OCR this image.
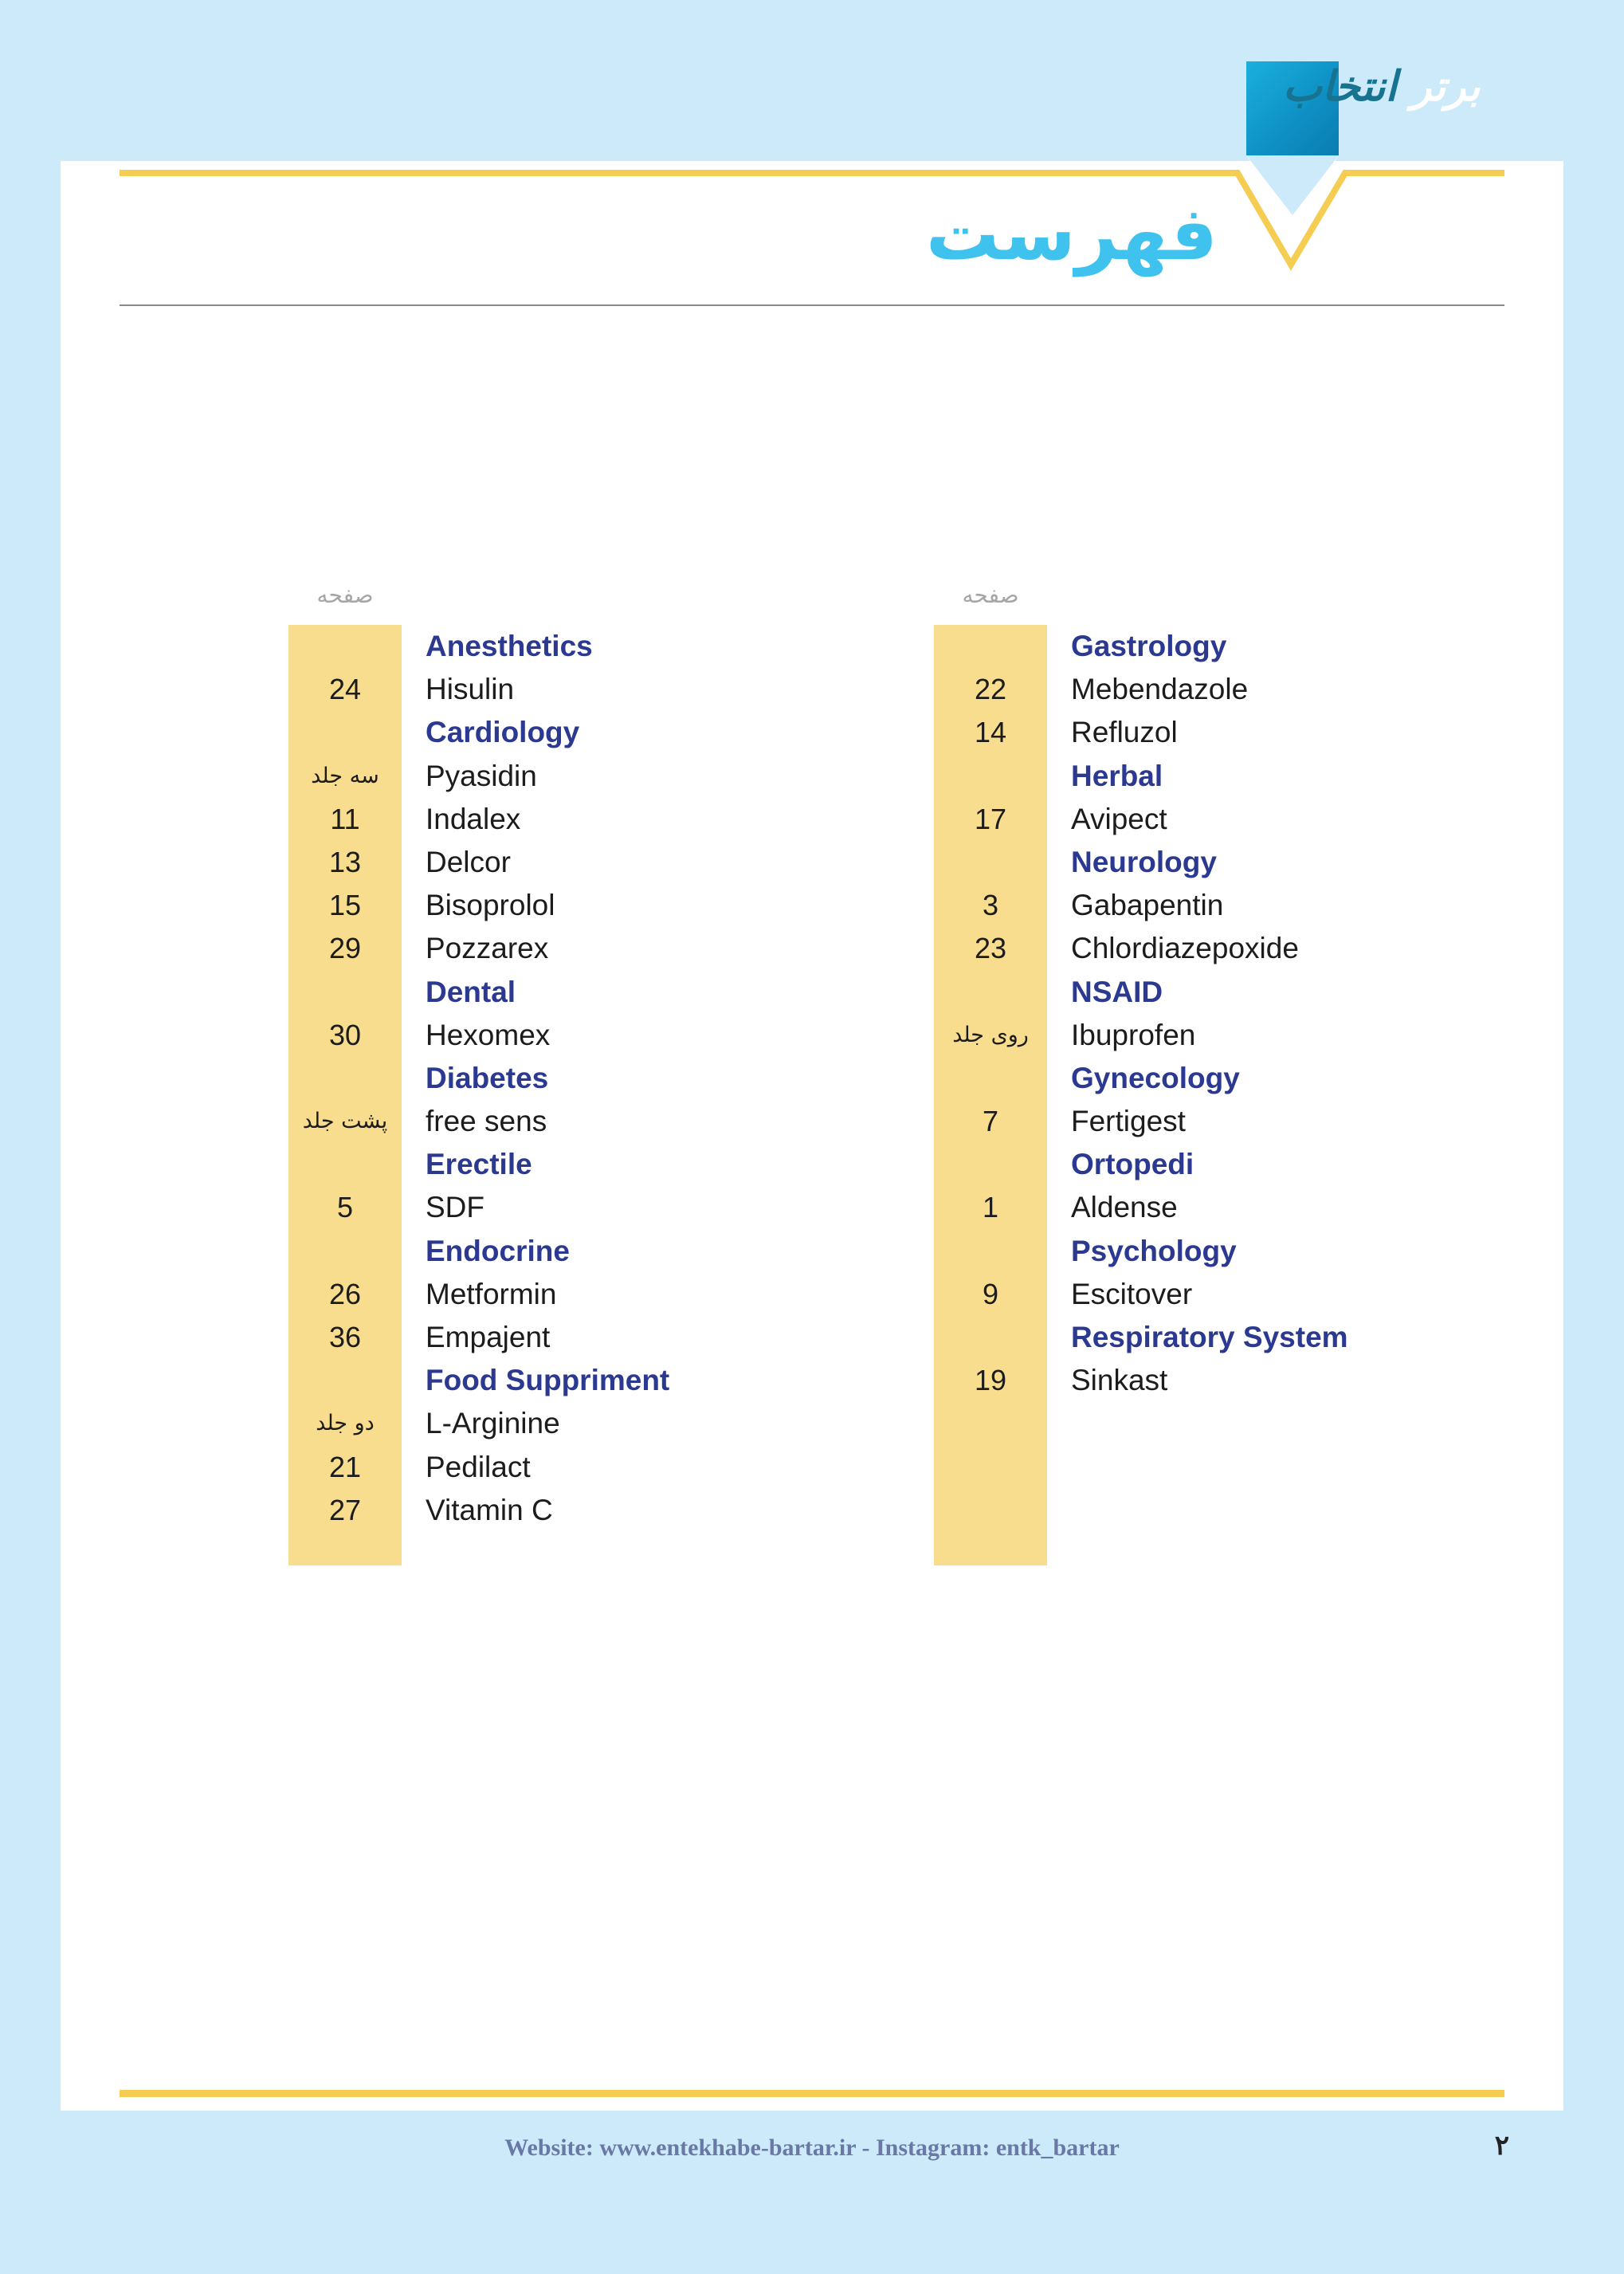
برتر انتخاب
فهرست
صفحه
Anesthetics
24	Hisulin
Cardiology
سه جلد	Pyasidin
11	Indalex
13	Delcor
15	Bisoprolol
29	Pozzarex
Dental
30	Hexomex
Diabetes
پشت جلد	free sens
Erectile
5	SDF
Endocrine
26	Metformin
36	Empajent
Food Suppriment
دو جلد	L-Arginine
21	Pedilact
27	Vitamin C
صفحه
Gastrology
22	Mebendazole
14	Refluzol
Herbal
17	Avipect
Neurology
3	Gabapentin
23	Chlordiazepoxide
NSAID
روی جلد	Ibuprofen
Gynecology
7	Fertigest
Ortopedi
1	Aldense
Psychology
9	Escitover
Respiratory System
19	Sinkast
Website: www.entekhabe-bartar.ir - Instagram: entk_bartar	۲
